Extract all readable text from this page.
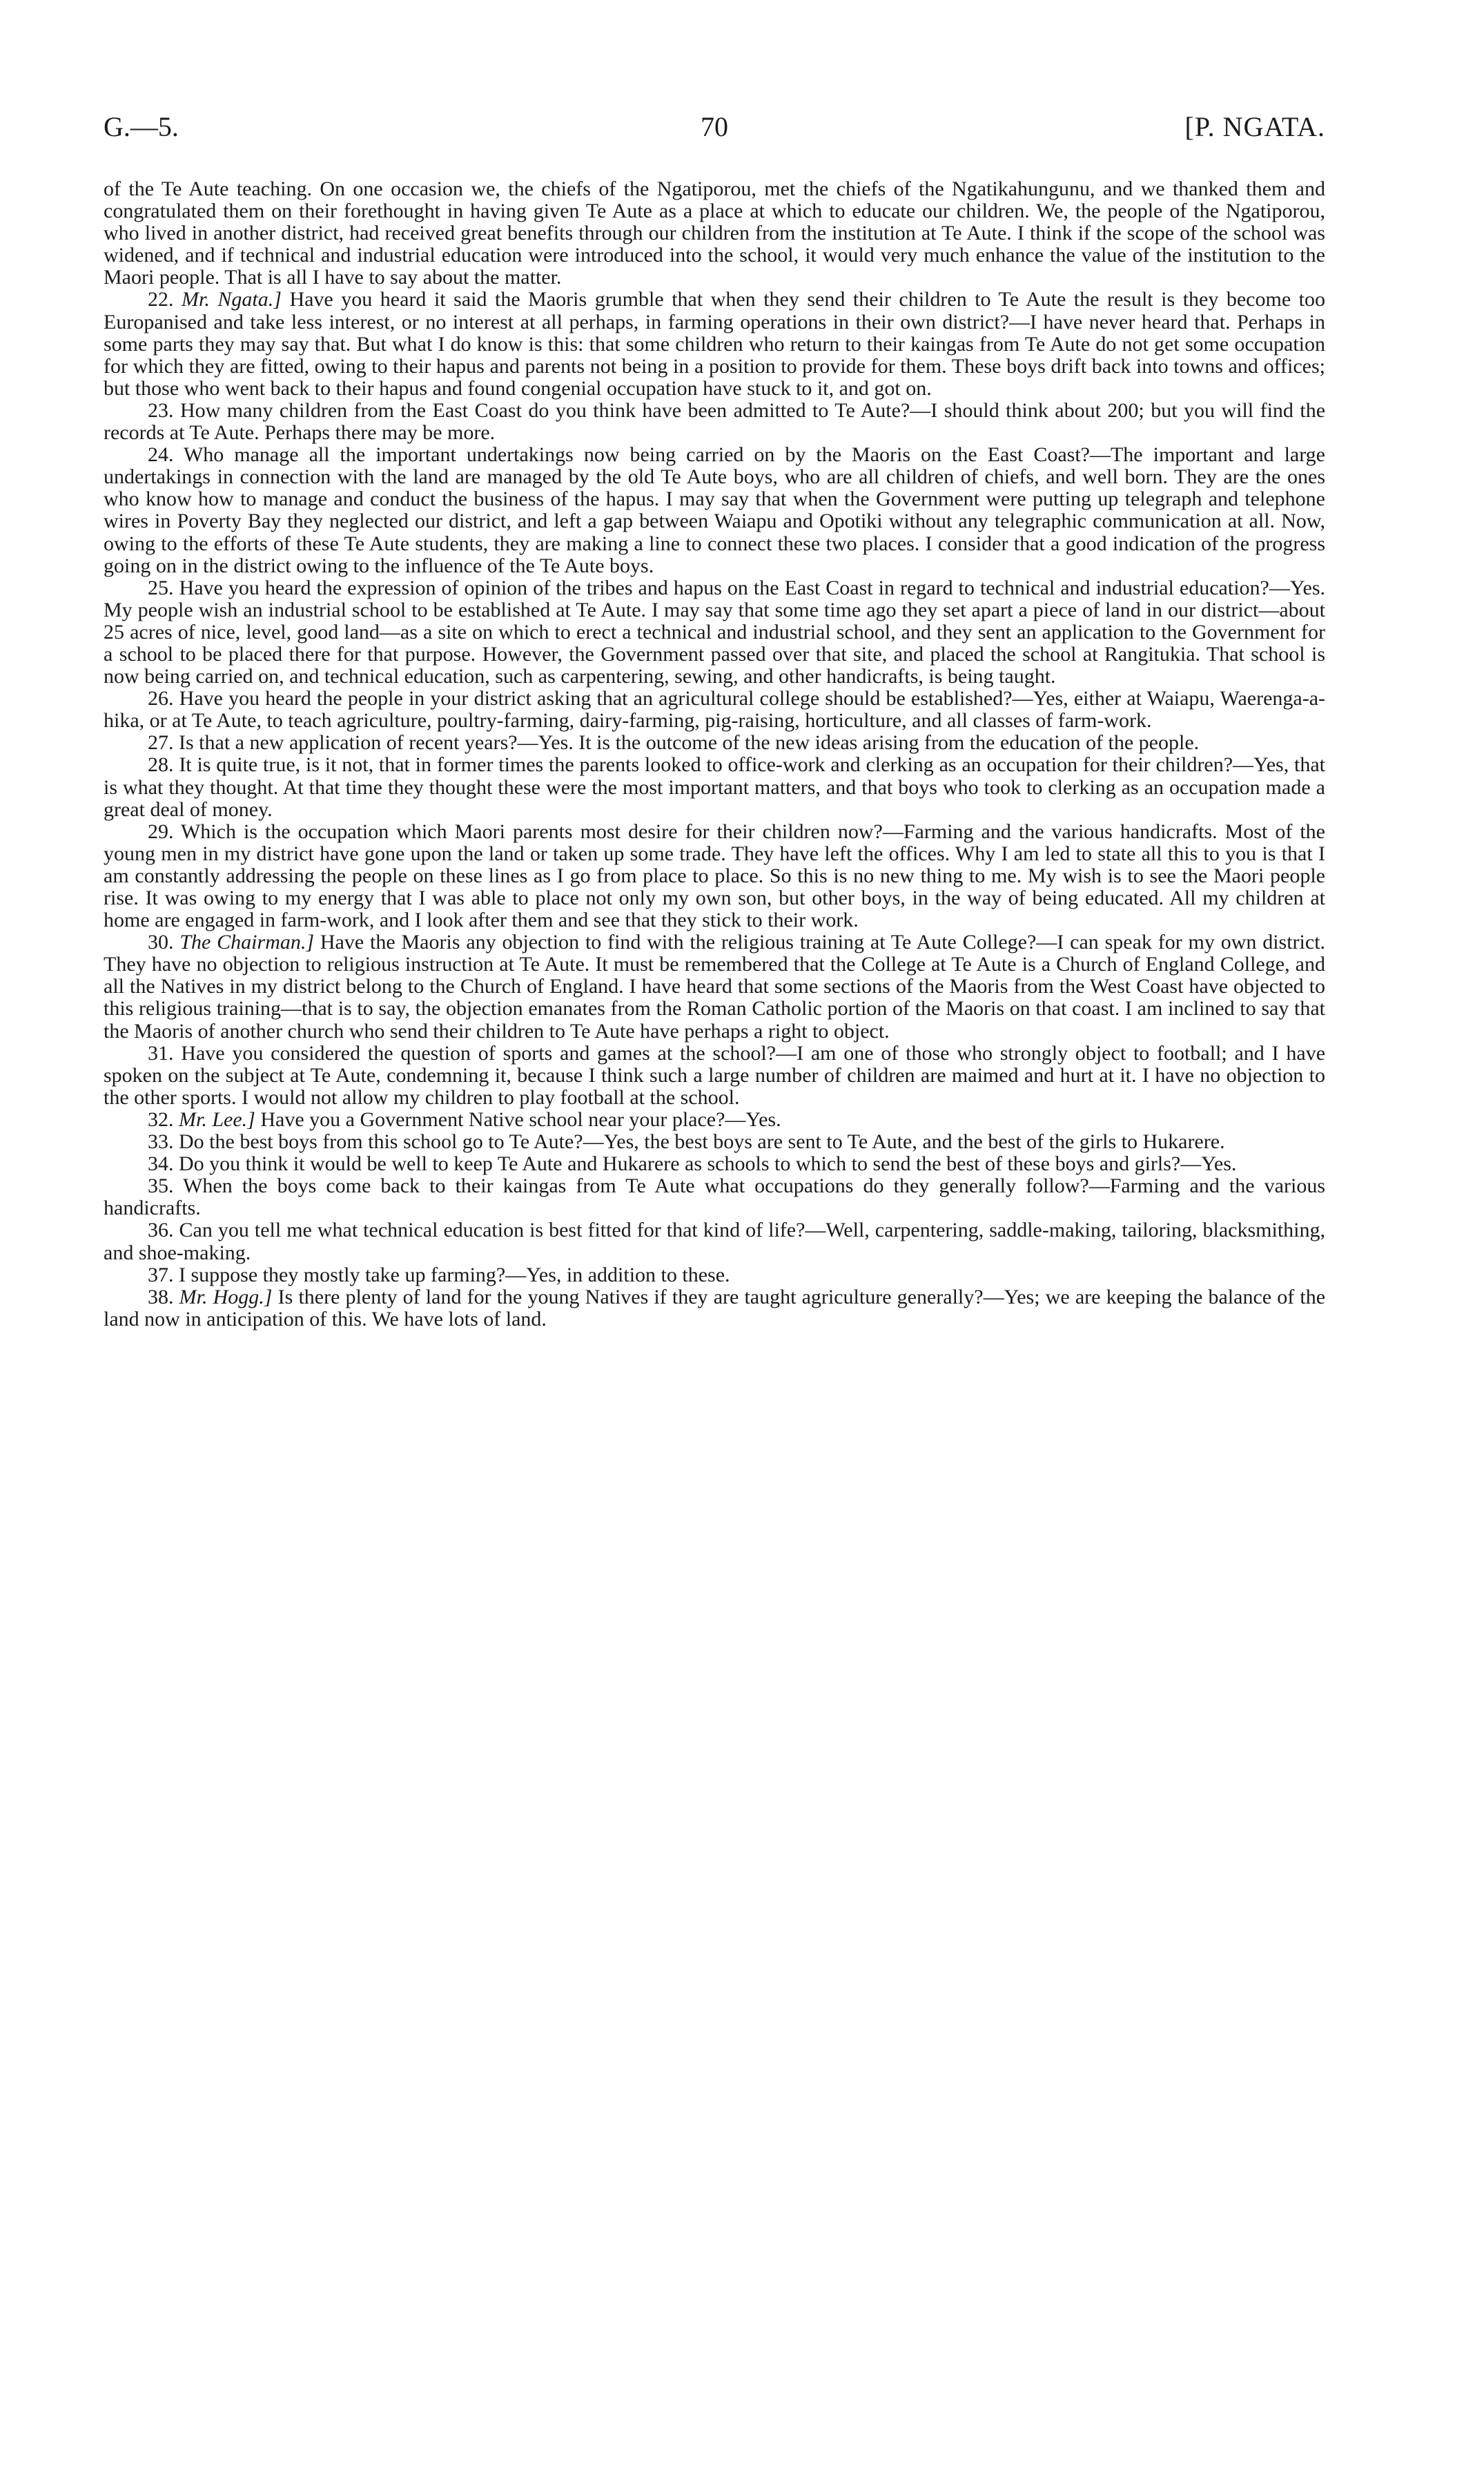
G.—5.	70	[P. NGATA.

of the Te Aute teaching. On one occasion we, the chiefs of the Ngatiporou, met the chiefs of the Ngatikahungunu, and we thanked them and congratulated them on their forethought in having given Te Aute as a place at which to educate our children. We, the people of the Ngatiporou, who lived in another district, had received great benefits through our children from the institution at Te Aute. I think if the scope of the school was widened, and if technical and industrial education were introduced into the school, it would very much enhance the value of the institution to the Maori people. That is all I have to say about the matter.

22. Mr. Ngata.] Have you heard it said the Maoris grumble that when they send their children to Te Aute the result is they become too Europanised and take less interest, or no interest at all perhaps, in farming operations in their own district?—I have never heard that. Perhaps in some parts they may say that. But what I do know is this: that some children who return to their kaingas from Te Aute do not get some occupation for which they are fitted, owing to their hapus and parents not being in a position to provide for them. These boys drift back into towns and offices; but those who went back to their hapus and found congenial occupation have stuck to it, and got on.

23. How many children from the East Coast do you think have been admitted to Te Aute?—I should think about 200; but you will find the records at Te Aute. Perhaps there may be more.

24. Who manage all the important undertakings now being carried on by the Maoris on the East Coast?—The important and large undertakings in connection with the land are managed by the old Te Aute boys, who are all children of chiefs, and well born. They are the ones who know how to manage and conduct the business of the hapus. I may say that when the Government were putting up telegraph and telephone wires in Poverty Bay they neglected our district, and left a gap between Waiapu and Opotiki without any telegraphic communication at all. Now, owing to the efforts of these Te Aute students, they are making a line to connect these two places. I consider that a good indication of the progress going on in the district owing to the influence of the Te Aute boys.

25. Have you heard the expression of opinion of the tribes and hapus on the East Coast in regard to technical and industrial education?—Yes. My people wish an industrial school to be established at Te Aute. I may say that some time ago they set apart a piece of land in our district—about 25 acres of nice, level, good land—as a site on which to erect a technical and industrial school, and they sent an application to the Government for a school to be placed there for that purpose. However, the Government passed over that site, and placed the school at Rangitukia. That school is now being carried on, and technical education, such as carpentering, sewing, and other handicrafts, is being taught.

26. Have you heard the people in your district asking that an agricultural college should be established?—Yes, either at Waiapu, Waerenga-a-hika, or at Te Aute, to teach agriculture, poultry-farming, dairy-farming, pig-raising, horticulture, and all classes of farm-work.

27. Is that a new application of recent years?—Yes. It is the outcome of the new ideas arising from the education of the people.

28. It is quite true, is it not, that in former times the parents looked to office-work and clerking as an occupation for their children?—Yes, that is what they thought. At that time they thought these were the most important matters, and that boys who took to clerking as an occupation made a great deal of money.

29. Which is the occupation which Maori parents most desire for their children now?—Farming and the various handicrafts. Most of the young men in my district have gone upon the land or taken up some trade. They have left the offices. Why I am led to state all this to you is that I am constantly addressing the people on these lines as I go from place to place. So this is no new thing to me. My wish is to see the Maori people rise. It was owing to my energy that I was able to place not only my own son, but other boys, in the way of being educated. All my children at home are engaged in farm-work, and I look after them and see that they stick to their work.

30. The Chairman.] Have the Maoris any objection to find with the religious training at Te Aute College?—I can speak for my own district. They have no objection to religious instruction at Te Aute. It must be remembered that the College at Te Aute is a Church of England College, and all the Natives in my district belong to the Church of England. I have heard that some sections of the Maoris from the West Coast have objected to this religious training—that is to say, the objection emanates from the Roman Catholic portion of the Maoris on that coast. I am inclined to say that the Maoris of another church who send their children to Te Aute have perhaps a right to object.

31. Have you considered the question of sports and games at the school?—I am one of those who strongly object to football; and I have spoken on the subject at Te Aute, condemning it, because I think such a large number of children are maimed and hurt at it. I have no objection to the other sports. I would not allow my children to play football at the school.

32. Mr. Lee.] Have you a Government Native school near your place?—Yes.

33. Do the best boys from this school go to Te Aute?—Yes, the best boys are sent to Te Aute, and the best of the girls to Hukarere.

34. Do you think it would be well to keep Te Aute and Hukarere as schools to which to send the best of these boys and girls?—Yes.

35. When the boys come back to their kaingas from Te Aute what occupations do they generally follow?—Farming and the various handicrafts.

36. Can you tell me what technical education is best fitted for that kind of life?—Well, carpentering, saddle-making, tailoring, blacksmithing, and shoe-making.

37. I suppose they mostly take up farming?—Yes, in addition to these.

38. Mr. Hogg.] Is there plenty of land for the young Natives if they are taught agriculture generally?—Yes; we are keeping the balance of the land now in anticipation of this. We have lots of land.
